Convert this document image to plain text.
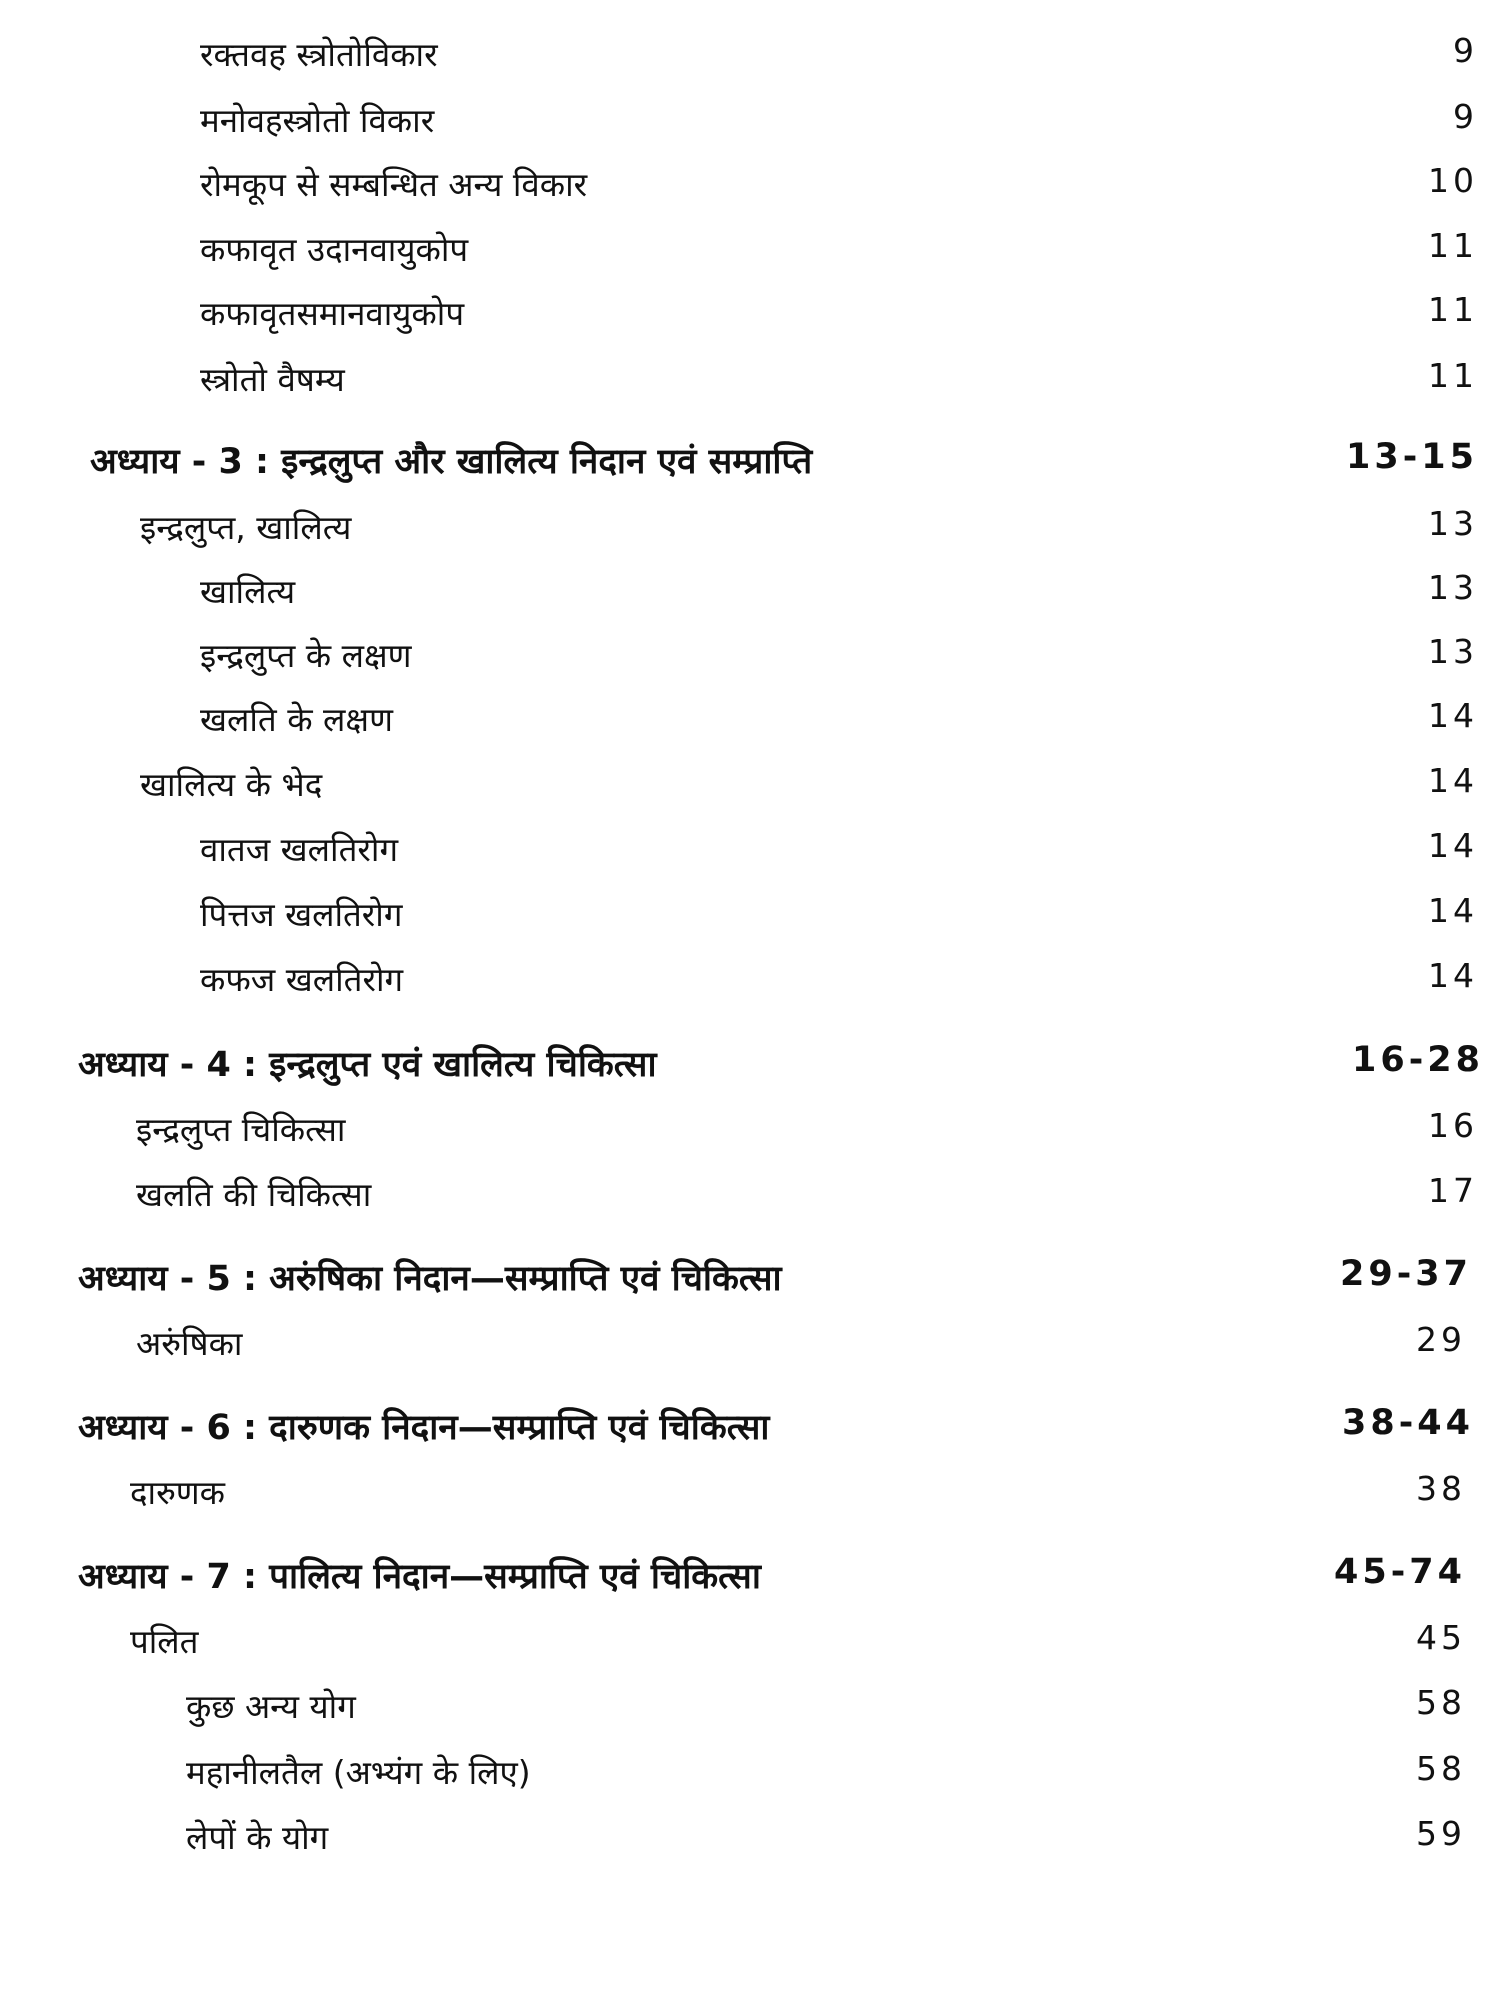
रक्तवह स्त्रोतोविकार	9
मनोवहस्त्रोतो विकार	9
रोमकूप से सम्बन्धित अन्य विकार	10
कफावृत उदानवायुकोप	11
कफावृतसमानवायुकोप	11
स्त्रोतो वैषम्य	11
अध्याय - 3 : इन्द्रलुप्त और खालित्य निदान एवं सम्प्राप्ति	13-15
इन्द्रलुप्त, खालित्य	13
खालित्य	13
इन्द्रलुप्त के लक्षण	13
खलति के लक्षण	14
खालित्य के भेद	14
वातज खलतिरोग	14
पित्तज खलतिरोग	14
कफज खलतिरोग	14
अध्याय - 4 : इन्द्रलुप्त एवं खालित्य चिकित्सा	16-28
इन्द्रलुप्त चिकित्सा	16
खलति की चिकित्सा	17
अध्याय - 5 : अरुंषिका निदान—सम्प्राप्ति एवं चिकित्सा	29-37
अरुंषिका	29
अध्याय - 6 : दारुणक निदान—सम्प्राप्ति एवं चिकित्सा	38-44
दारुणक	38
अध्याय - 7 : पालित्य निदान—सम्प्राप्ति एवं चिकित्सा	45-74
पलित	45
कुछ अन्य योग	58
महानीलतैल (अभ्यंग के लिए)	58
लेपों के योग	59
